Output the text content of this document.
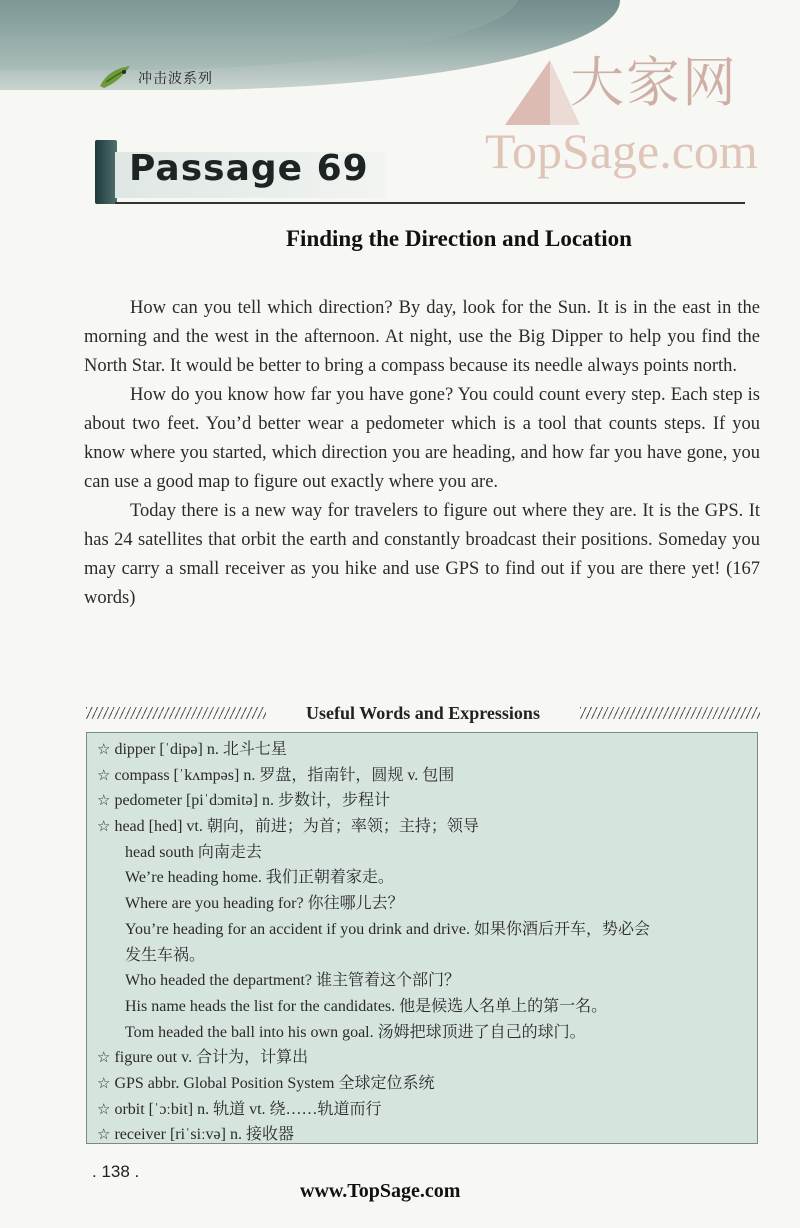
冲击波系列	大家网
TopSage.com
Passage 69
Finding the Direction and Location

How can you tell which direction? By day, look for the Sun. It is in the east in the morning and the west in the afternoon. At night, use the Big Dipper to help you find the North Star. It would be better to bring a compass because its needle always points north.

How do you know how far you have gone? You could count every step. Each step is about two feet. You’d better wear a pedometer which is a tool that counts steps. If you know where you started, which direction you are heading, and how far you have gone, you can use a good map to figure out exactly where you are.

Today there is a new way for travelers to figure out where they are. It is the GPS. It has 24 satellites that orbit the earth and constantly broadcast their positions. Someday you may carry a small receiver as you hike and use GPS to find out if you are there yet! (167 words)

Useful Words and Expressions
☆ dipper [ˈdipə] n. 北斗七星
☆ compass [ˈkʌmpəs] n. 罗盘，指南针，圆规 v. 包围
☆ pedometer [piˈdɔmitə] n. 步数计，步程计
☆ head [hed] vt. 朝向，前进；为首；率领；主持；领导
head south 向南走去
We’re heading home. 我们正朝着家走。
Where are you heading for? 你往哪儿去？
You’re heading for an accident if you drink and drive. 如果你酒后开车，势必会
发生车祸。
Who headed the department? 谁主管着这个部门？
His name heads the list for the candidates. 他是候选人名单上的第一名。
Tom headed the ball into his own goal. 汤姆把球顶进了自己的球门。
☆ figure out v. 合计为，计算出
☆ GPS abbr. Global Position System 全球定位系统
☆ orbit [ˈɔːbit] n. 轨道 vt. 绕……轨道而行
☆ receiver [riˈsiːvə] n. 接收器
. 138 .
www.TopSage.com
